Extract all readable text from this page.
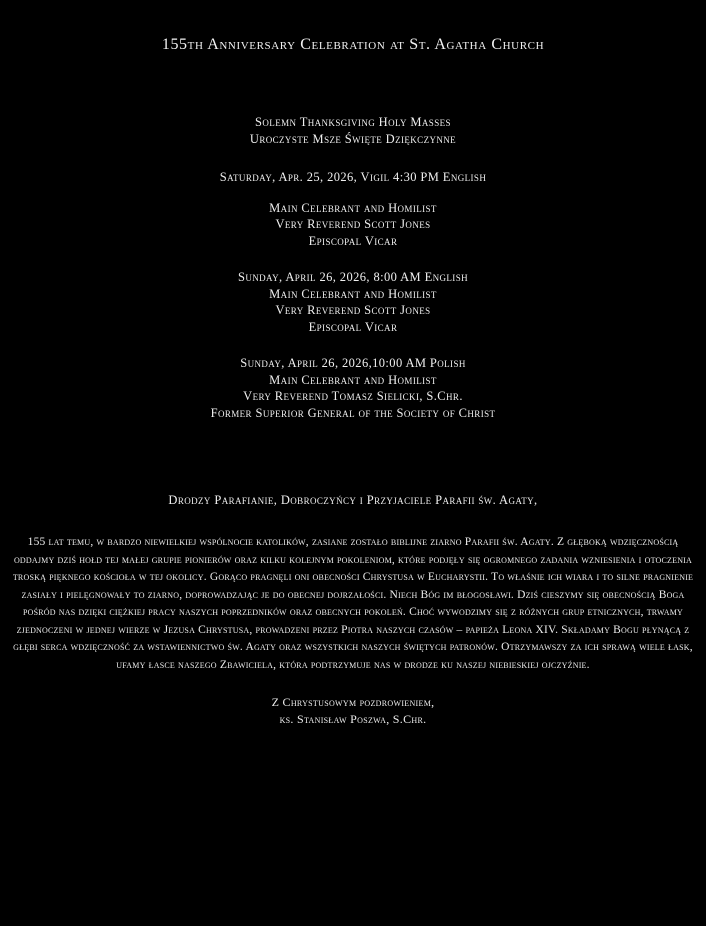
155th Anniversary Celebration at St. Agatha Church
Solemn Thanksgiving Holy Masses
Uroczyste Msze Święte Dziękczynne
Saturday, Apr. 25, 2026, Vigil 4:30 PM English
Main Celebrant and Homilist
Very Reverend Scott Jones
Episcopal Vicar
Sunday, April 26, 2026, 8:00 AM English
Main Celebrant and Homilist
Very Reverend Scott Jones
Episcopal Vicar
Sunday, April 26, 2026,10:00 AM Polish
Main Celebrant and Homilist
Very Reverend Tomasz Sielicki, S.Chr.
Former Superior General of the Society of Christ
Drodzy Parafianie, Dobroczyńcy i Przyjaciele Parafii św. Agaty,

155 lat temu, w bardzo niewielkiej wspólnocie katolików, zasiane zostało biblijne ziarno Parafii św. Agaty. Z głęboką wdzięcznością oddajmy dziś hołd tej małej grupie pionierów oraz kilku kolejnym pokoleniom, które podjęły się ogromnego zadania wzniesienia i otoczenia troską pięknego kościoła w tej okolicy. Gorąco pragnęli oni obecności Chrystusa w Eucharystii. To właśnie ich wiara i to silne pragnienie zasiały i pielęgnowały to ziarno, doprowadzając je do obecnej dojrzałości. Niech Bóg im błogosławi. Dziś cieszymy się obecnością Boga pośród nas dzięki ciężkiej pracy naszych poprzedników oraz obecnych pokoleń. Choć wywodzimy się z różnych grup etnicznych, trwamy zjednoczeni w jednej wierze w Jezusa Chrystusa, prowadzeni przez Piotra naszych czasów – papieża Leona XIV. Składamy Bogu płynącą z głębi serca wdzięczność za wstawiennictwo św. Agaty oraz wszystkich naszych świętych patronów. Otrzymawszy za ich sprawą wiele łask, ufamy łasce naszego Zbawiciela, która podtrzymuje nas w drodze ku naszej niebieskiej ojczyźnie.

Z Chrystusowym pozdrowieniem,
ks. Stanisław Poszwa, S.Chr.
